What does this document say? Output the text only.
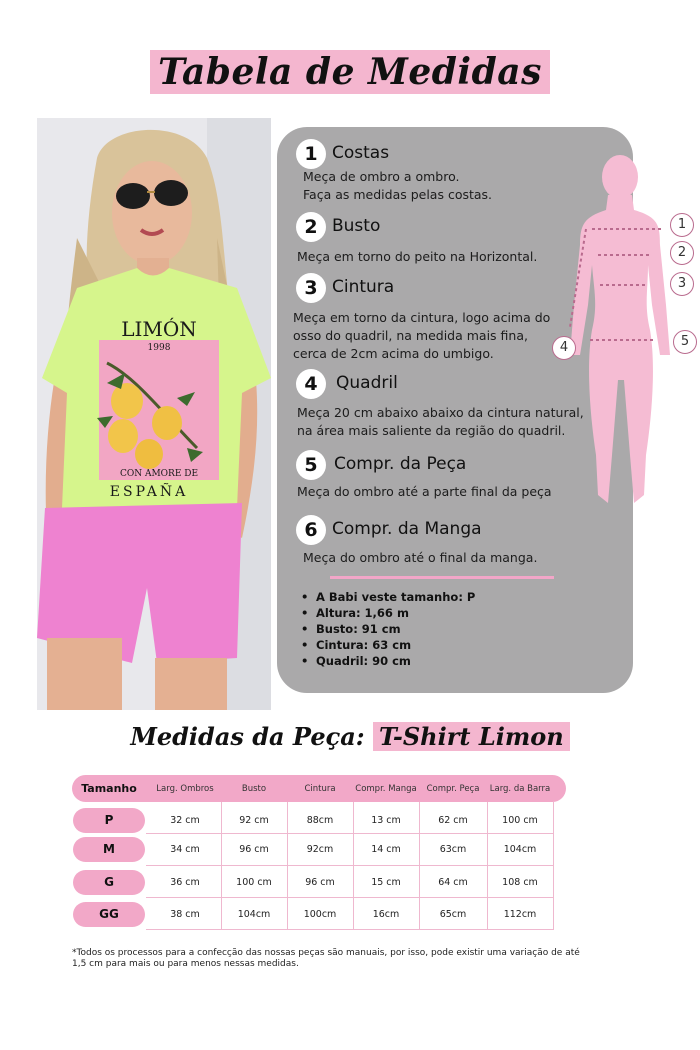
Tabela de Medidas
LIMÓN
1998
CON AMORE DE
ESPAÑA
1 Costas
Meça de ombro a ombro.
Faça as medidas pelas costas.
2 Busto
Meça em torno do peito na Horizontal.
3 Cintura
Meça em torno da cintura, logo acima do
osso do quadril, na medida mais fina,
cerca de 2cm acima do umbigo.
4	Quadril
Meça 20 cm abaixo abaixo da cintura natural,
na área mais saliente da região do quadril.
5 Compr. da Peça
Meça do ombro até a parte final da peça
6 Compr. da Manga
Meça do ombro até o final da manga.
• A Babi veste tamanho: P
• Altura: 1,66 m
• Busto: 91 cm
• Cintura: 63 cm
• Quadril: 90 cm
1
2
3
4	5
Medidas da Peça: T-Shirt Limon
Tamanho	Larg. Ombros	Busto	Cintura	Compr. Manga	Compr. Peça	Larg. da Barra
P	32 cm	92 cm	88cm	13 cm	62 cm	100 cm
M	34 cm	96 cm	92cm	14 cm	63cm	104cm
G	36 cm	100 cm	96 cm	15 cm	64 cm	108 cm
GG	38 cm	104cm	100cm	16cm	65cm	112cm
*Todos os processos para a confecção das nossas peças são manuais, por isso, pode existir uma variação de até
1,5 cm para mais ou para menos nessas medidas.
